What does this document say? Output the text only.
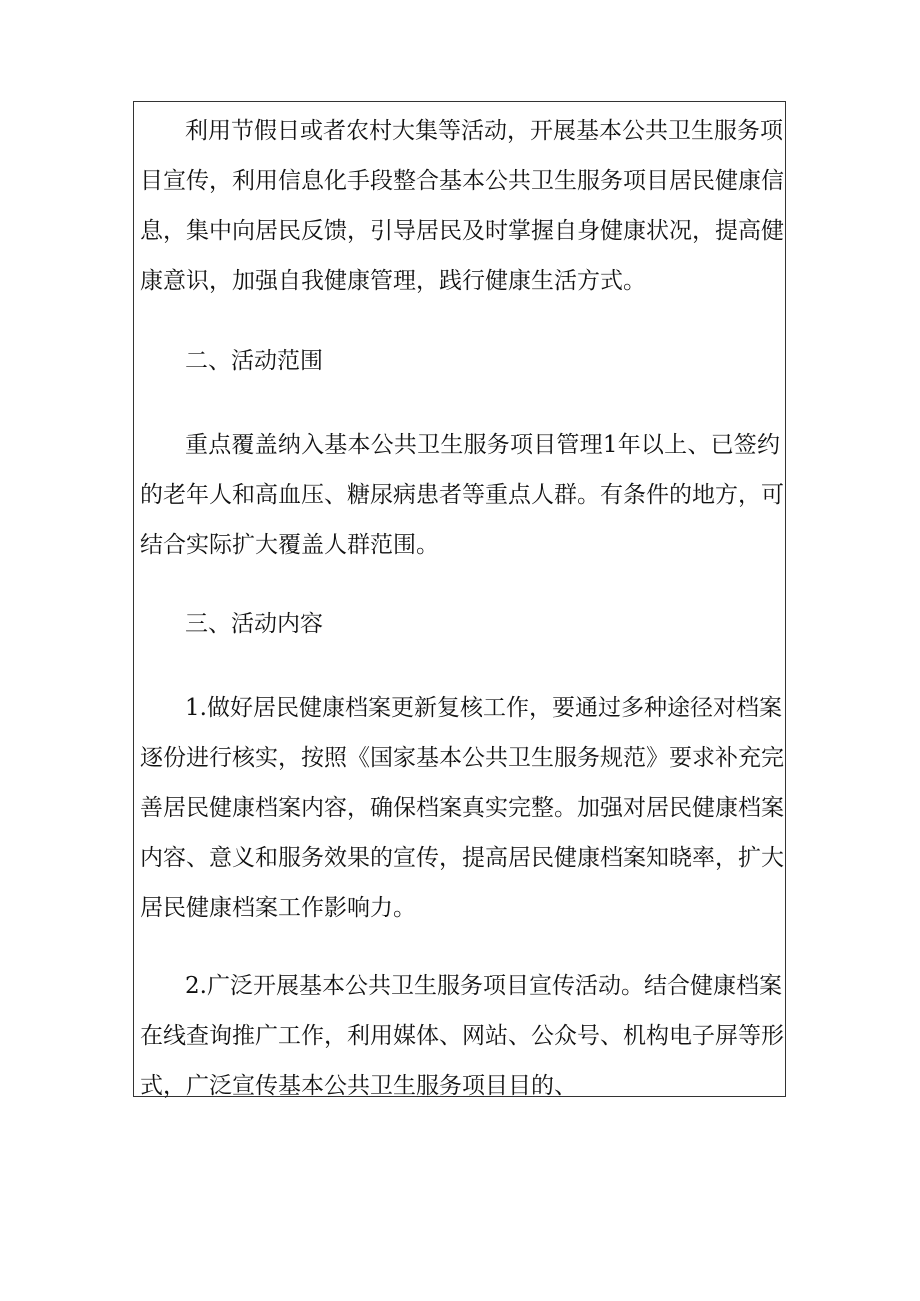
利用节假日或者农村大集等活动，开展基本公共卫生服务项
目宣传，利用信息化手段整合基本公共卫生服务项目居民健康信
息，集中向居民反馈，引导居民及时掌握自身健康状况，提高健
康意识，加强自我健康管理，践行健康生活方式。
二、活动范围
重点覆盖纳入基本公共卫生服务项目管理1年以上、已签约
的老年人和高血压、糖尿病患者等重点人群。有条件的地方，可
结合实际扩大覆盖人群范围。
三、活动内容
1.做好居民健康档案更新复核工作，要通过多种途径对档案
逐份进行核实，按照《国家基本公共卫生服务规范》要求补充完
善居民健康档案内容，确保档案真实完整。加强对居民健康档案
内容、意义和服务效果的宣传，提高居民健康档案知晓率，扩大
居民健康档案工作影响力。
2.广泛开展基本公共卫生服务项目宣传活动。结合健康档案
在线查询推广工作，利用媒体、网站、公众号、机构电子屏等形
式，广泛宣传基本公共卫生服务项目目的、
